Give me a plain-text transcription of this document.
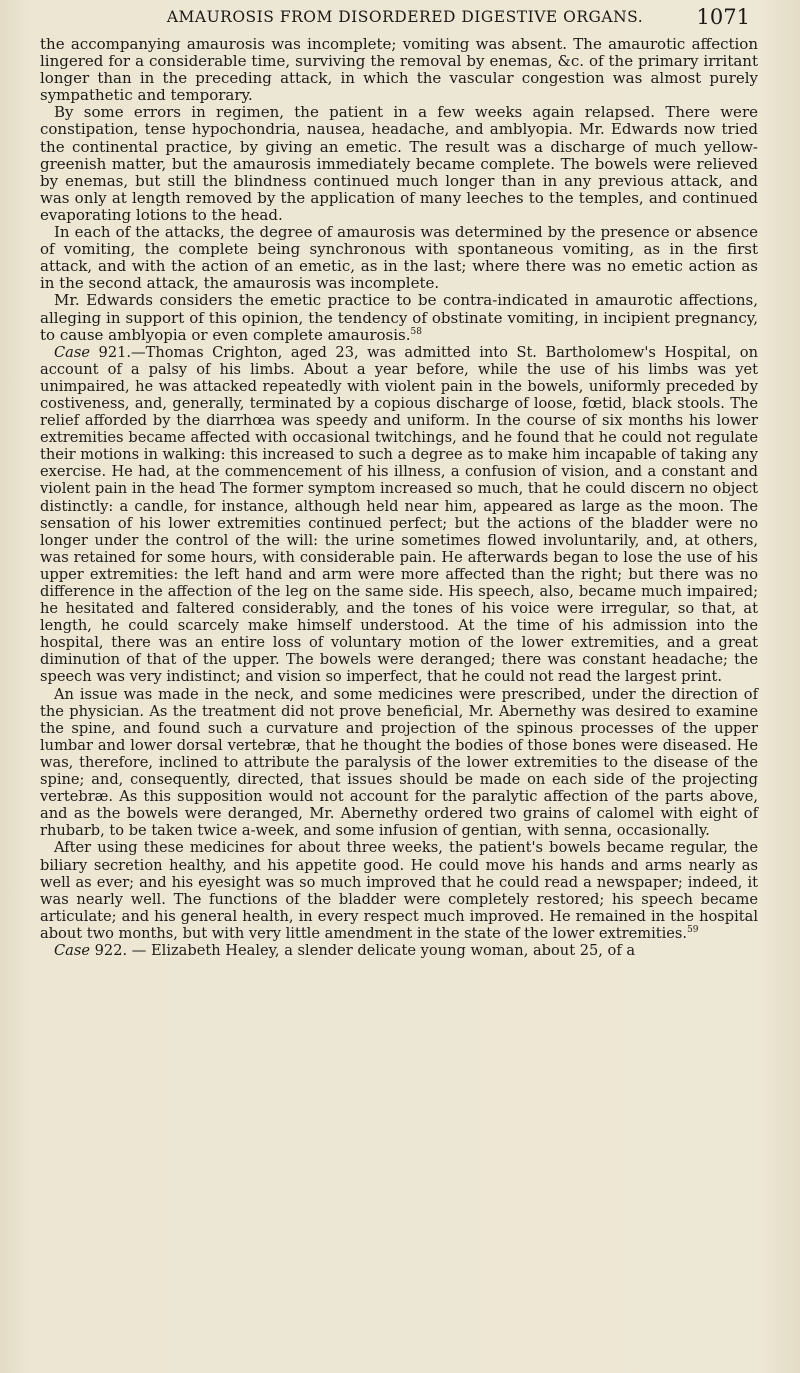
AMAUROSIS FROM DISORDERED DIGESTIVE ORGANS.	1071

the accompanying amaurosis was incomplete; vomiting was absent. The amaurotic affection lingered for a considerable time, surviving the removal by enemas, &c. of the primary irritant longer than in the preceding attack, in which the vascular congestion was almost purely sympathetic and temporary.

By some errors in regimen, the patient in a few weeks again relapsed. There were constipation, tense hypochondria, nausea, headache, and amblyopia. Mr. Edwards now tried the continental practice, by giving an emetic. The result was a discharge of much yellow-greenish matter, but the amaurosis immediately became complete. The bowels were relieved by enemas, but still the blindness continued much longer than in any previous attack, and was only at length removed by the application of many leeches to the temples, and continued evaporating lotions to the head.

In each of the attacks, the degree of amaurosis was determined by the presence or absence of vomiting, the complete being synchronous with spontaneous vomiting, as in the first attack, and with the action of an emetic, as in the last; where there was no emetic action as in the second attack, the amaurosis was incomplete.

Mr. Edwards considers the emetic practice to be contra-indicated in amaurotic affections, alleging in support of this opinion, the tendency of obstinate vomiting, in incipient pregnancy, to cause amblyopia or even complete amaurosis.$^{58}$

Case 921.—Thomas Crighton, aged 23, was admitted into St. Bartholomew's Hospital, on account of a palsy of his limbs. About a year before, while the use of his limbs was yet unimpaired, he was attacked repeatedly with violent pain in the bowels, uniformly preceded by costiveness, and, generally, terminated by a copious discharge of loose, fœtid, black stools. The relief afforded by the diarrhœa was speedy and uniform. In the course of six months his lower extremities became affected with occasional twitchings, and he found that he could not regulate their motions in walking: this increased to such a degree as to make him incapable of taking any exercise. He had, at the commencement of his illness, a confusion of vision, and a constant and violent pain in the head The former symptom increased so much, that he could discern no object distinctly: a candle, for instance, although held near him, appeared as large as the moon. The sensation of his lower extremities continued perfect; but the actions of the bladder were no longer under the control of the will: the urine sometimes flowed involuntarily, and, at others, was retained for some hours, with considerable pain. He afterwards began to lose the use of his upper extremities: the left hand and arm were more affected than the right; but there was no difference in the affection of the leg on the same side. His speech, also, became much impaired; he hesitated and faltered considerably, and the tones of his voice were irregular, so that, at length, he could scarcely make himself understood. At the time of his admission into the hospital, there was an entire loss of voluntary motion of the lower extremities, and a great diminution of that of the upper. The bowels were deranged; there was constant headache; the speech was very indistinct; and vision so imperfect, that he could not read the largest print.

An issue was made in the neck, and some medicines were prescribed, under the direction of the physician. As the treatment did not prove beneficial, Mr. Abernethy was desired to examine the spine, and found such a curvature and projection of the spinous processes of the upper lumbar and lower dorsal vertebræ, that he thought the bodies of those bones were diseased. He was, therefore, inclined to attribute the paralysis of the lower extremities to the disease of the spine; and, consequently, directed, that issues should be made on each side of the projecting vertebræ. As this supposition would not account for the paralytic affection of the parts above, and as the bowels were deranged, Mr. Abernethy ordered two grains of calomel with eight of rhubarb, to be taken twice a-week, and some infusion of gentian, with senna, occasionally.

After using these medicines for about three weeks, the patient's bowels became regular, the biliary secretion healthy, and his appetite good. He could move his hands and arms nearly as well as ever; and his eyesight was so much improved that he could read a newspaper; indeed, it was nearly well. The functions of the bladder were completely restored; his speech became articulate; and his general health, in every respect much improved. He remained in the hospital about two months, but with very little amendment in the state of the lower extremities.$^{59}$

Case 922. — Elizabeth Healey, a slender delicate young woman, about 25, of a
